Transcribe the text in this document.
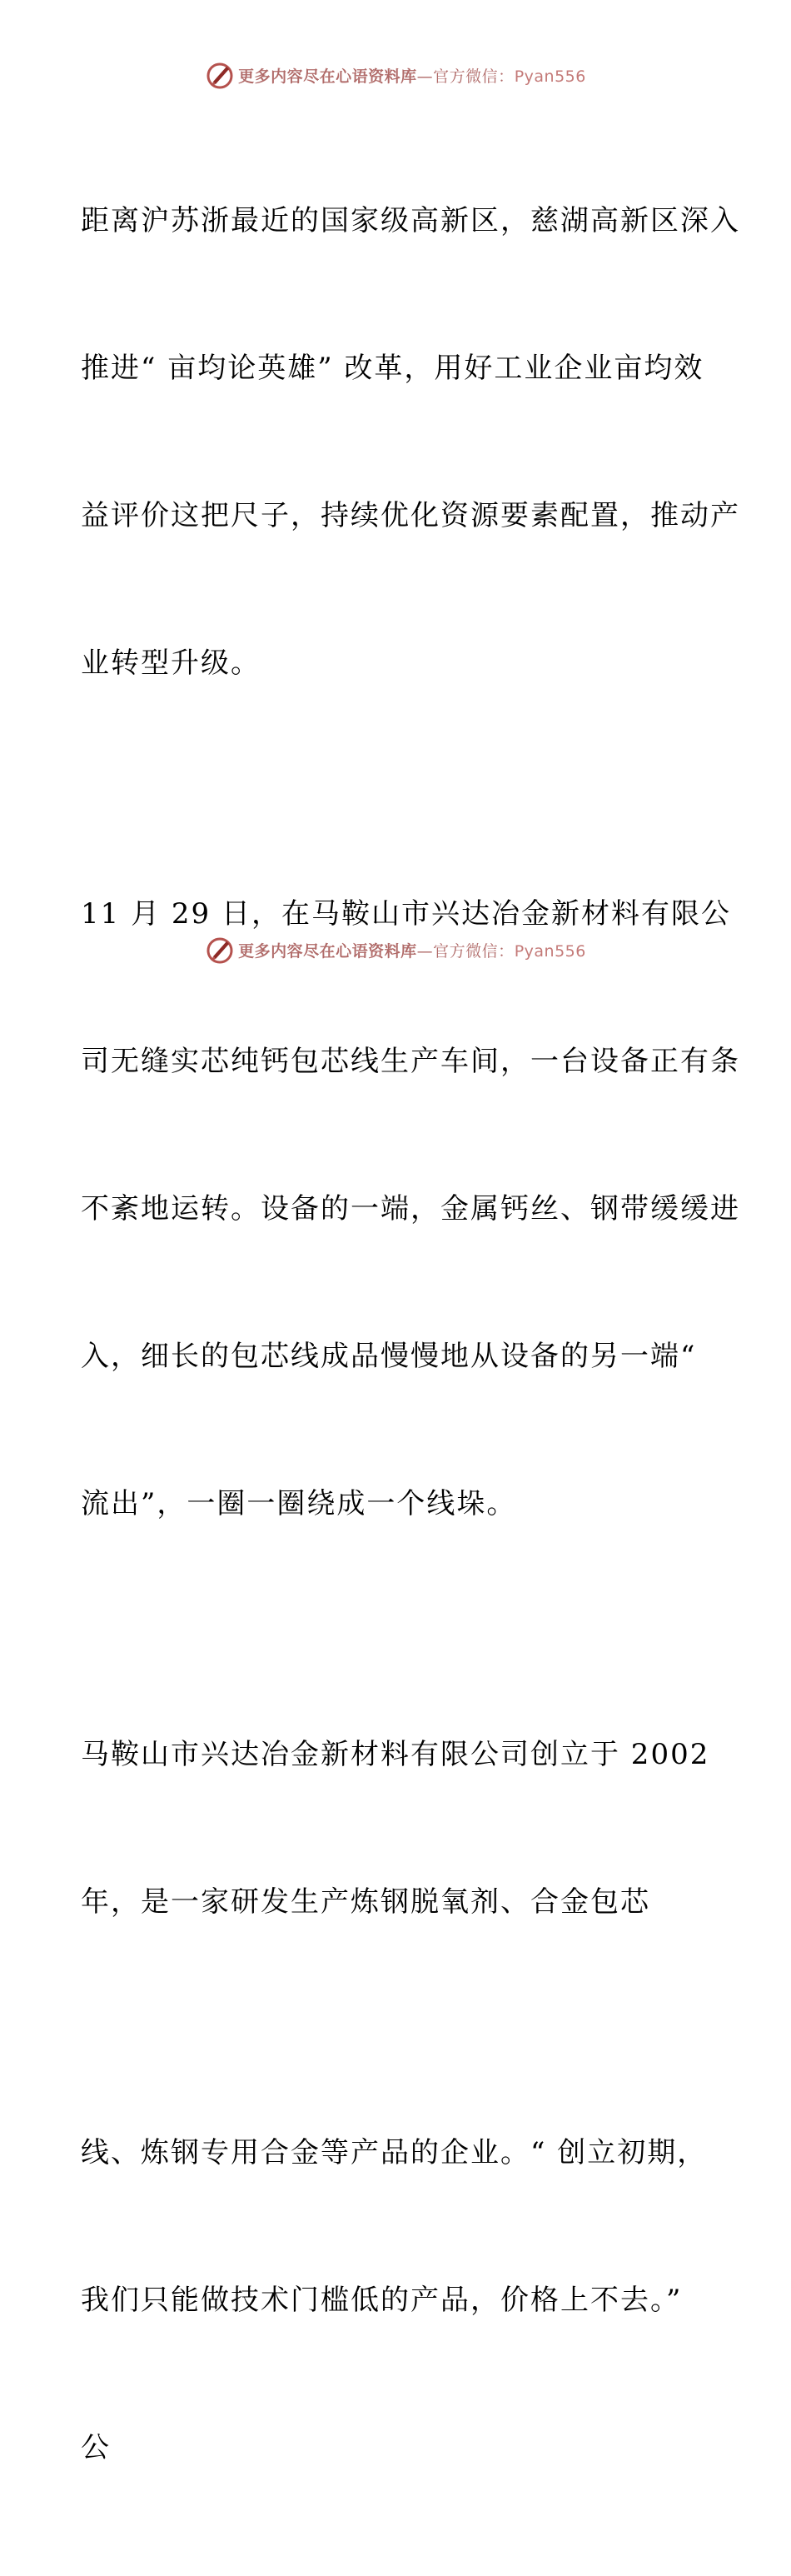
更多内容尽在心语资料库—官方微信：Pyan556

距离沪苏浙最近的国家级高新区，慈湖高新区深入

推进“ 亩均论英雄” 改革，用好工业企业亩均效

益评价这把尺子，持续优化资源要素配置，推动产

业转型升级。

11 月 29 日，在马鞍山市兴达冶金新材料有限公

司无缝实芯纯钙包芯线生产车间，一台设备正有条

不紊地运转。设备的一端，金属钙丝、钢带缓缓进

入，细长的包芯线成品慢慢地从设备的另一端“

流出”，一圈一圈绕成一个线垛。

马鞍山市兴达冶金新材料有限公司创立于 2002

年，是一家研发生产炼钢脱氧剂、合金包芯

线、炼钢专用合金等产品的企业。“ 创立初期，

我们只能做技术门槛低的产品，价格上不去。”

公

更多内容尽在心语资料库—官方微信：Pyan556
